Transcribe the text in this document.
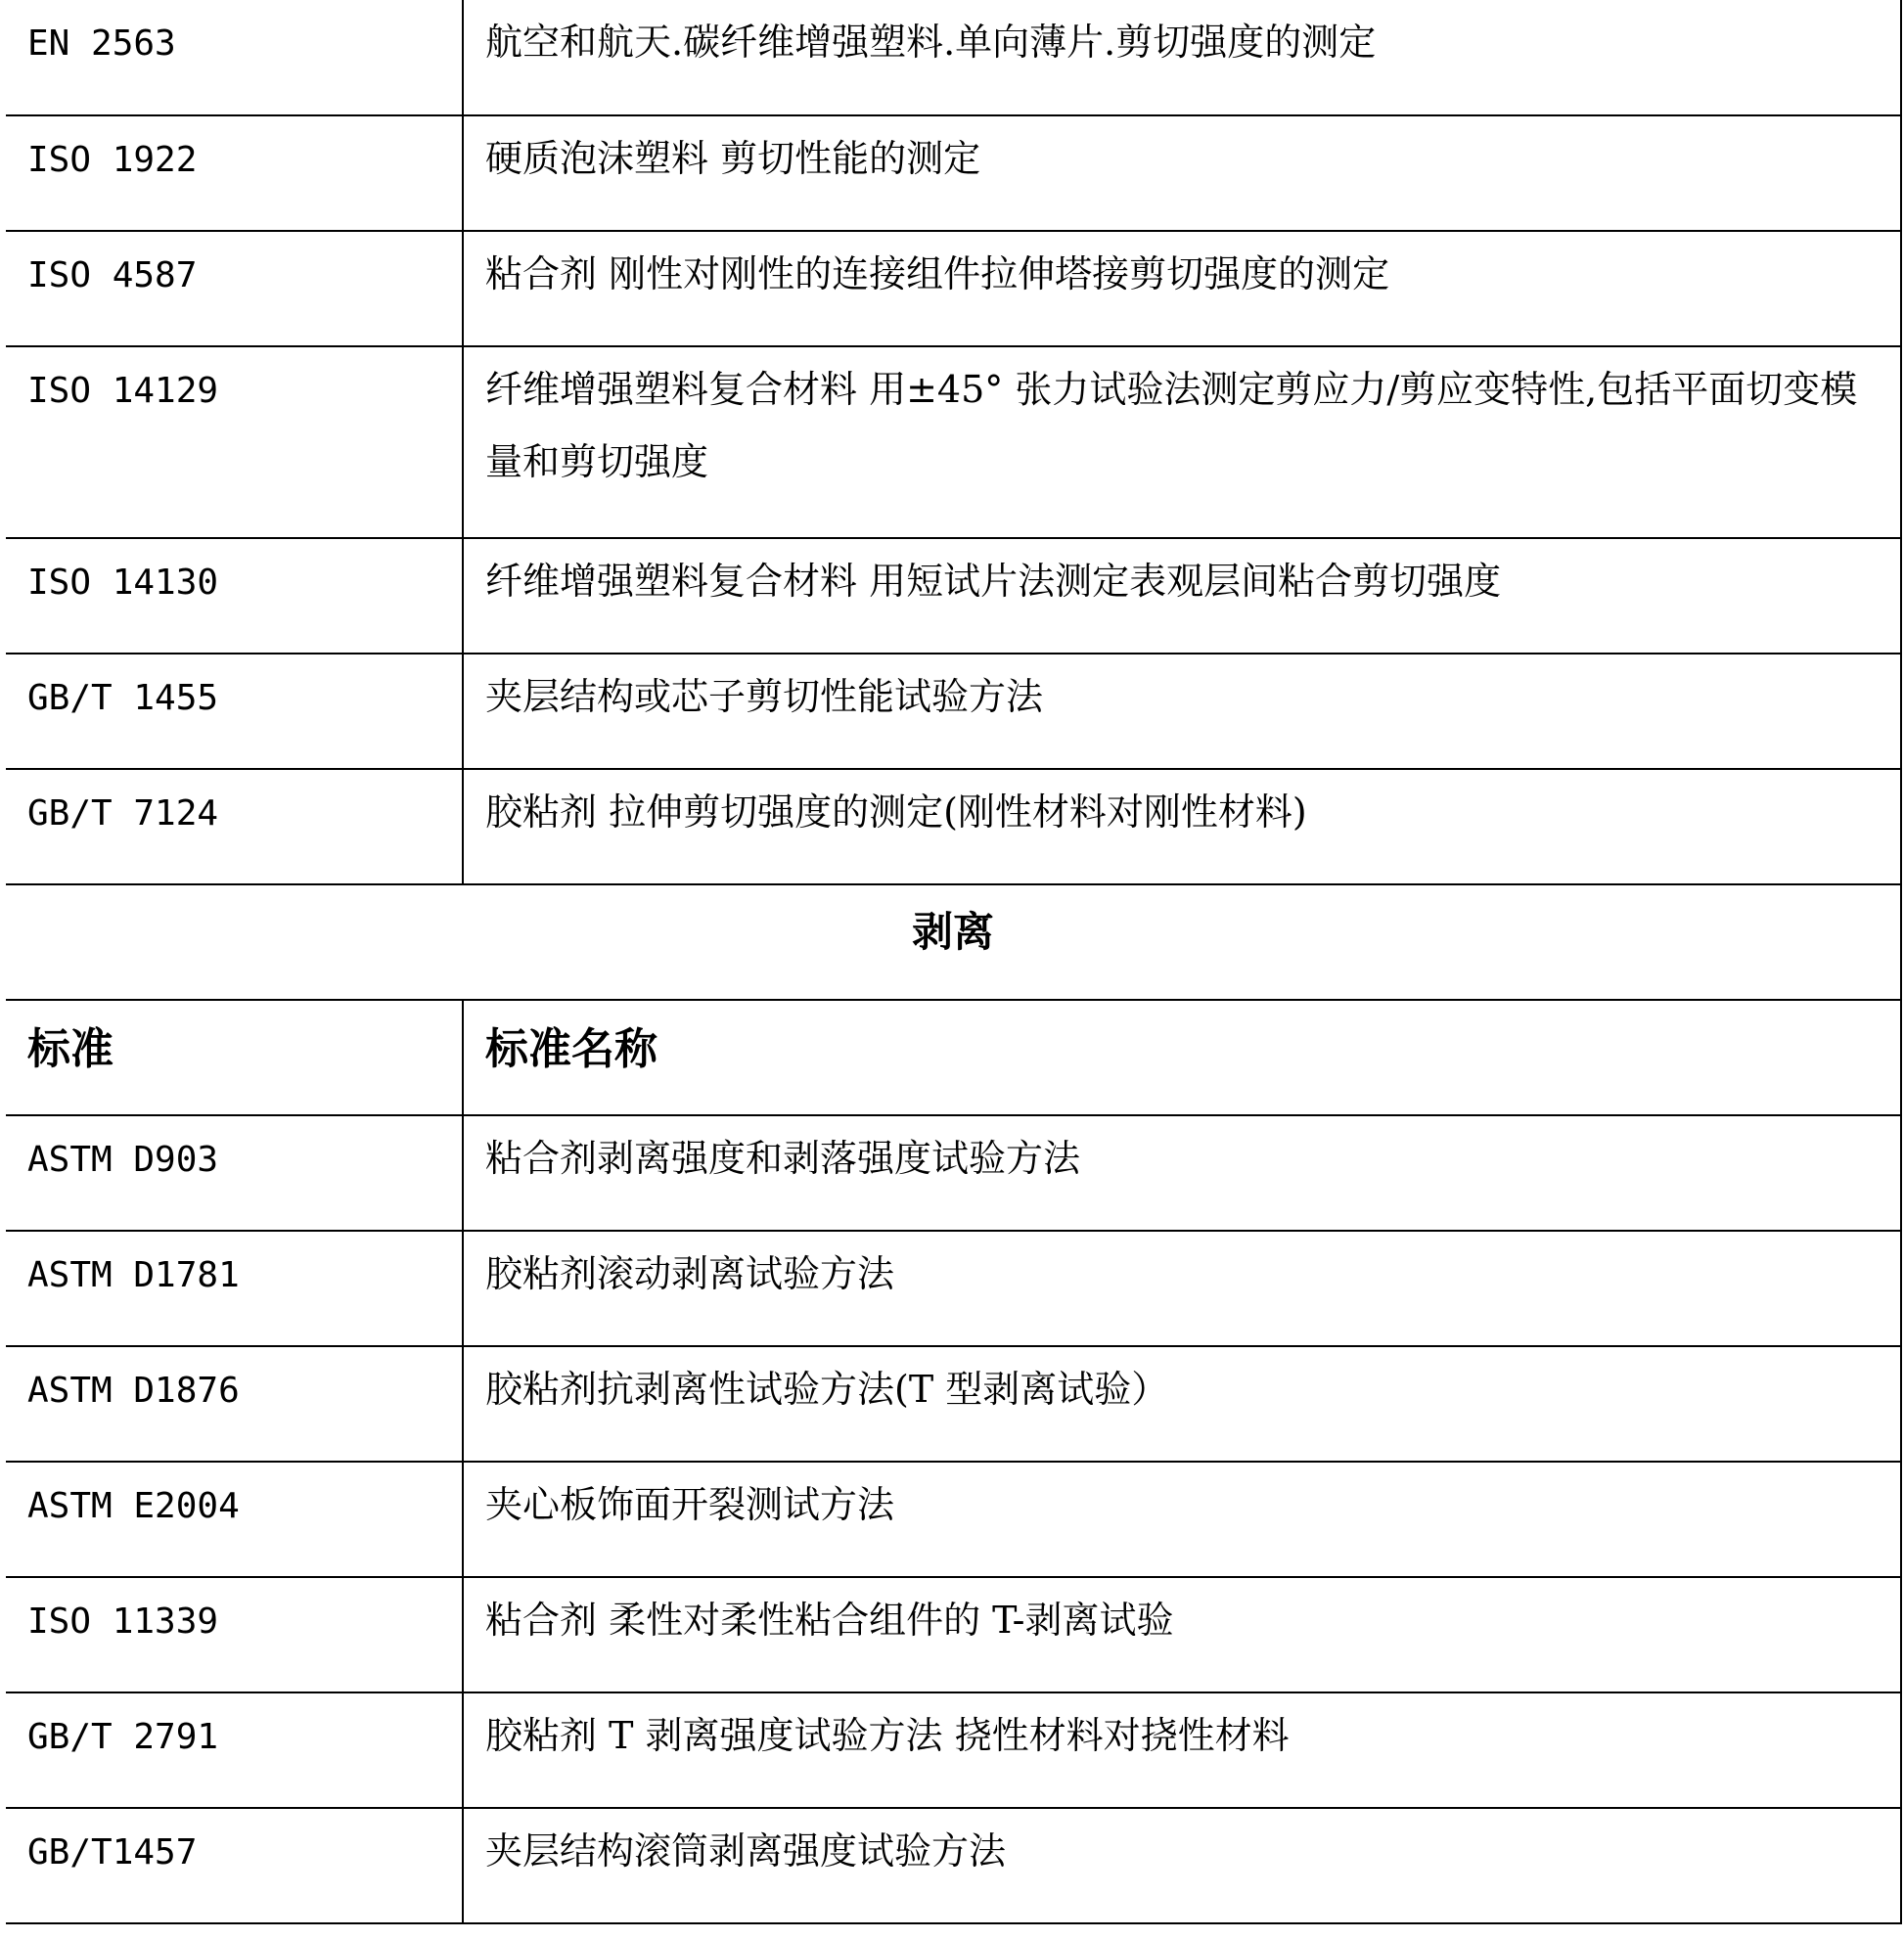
EN 2563	航空和航天.碳纤维增强塑料.单向薄片.剪切强度的测定
ISO 1922	硬质泡沫塑料 剪切性能的测定
ISO 4587	粘合剂 刚性对刚性的连接组件拉伸塔接剪切强度的测定
ISO 14129	纤维增强塑料复合材料 用±45° 张力试验法测定剪应力/剪应变特性,包括平面切变模量和剪切强度
ISO 14130	纤维增强塑料复合材料 用短试片法测定表观层间粘合剪切强度
GB/T 1455	夹层结构或芯子剪切性能试验方法
GB/T 7124	胶粘剂 拉伸剪切强度的测定(刚性材料对刚性材料)
剥离	
标准	标准名称
ASTM D903	粘合剂剥离强度和剥落强度试验方法
ASTM D1781	胶粘剂滚动剥离试验方法
ASTM D1876	胶粘剂抗剥离性试验方法(T 型剥离试验）
ASTM E2004	夹心板饰面开裂测试方法
ISO 11339	粘合剂 柔性对柔性粘合组件的 T-剥离试验
GB/T 2791	胶粘剂 T 剥离强度试验方法 挠性材料对挠性材料
GB/T1457	夹层结构滚筒剥离强度试验方法
